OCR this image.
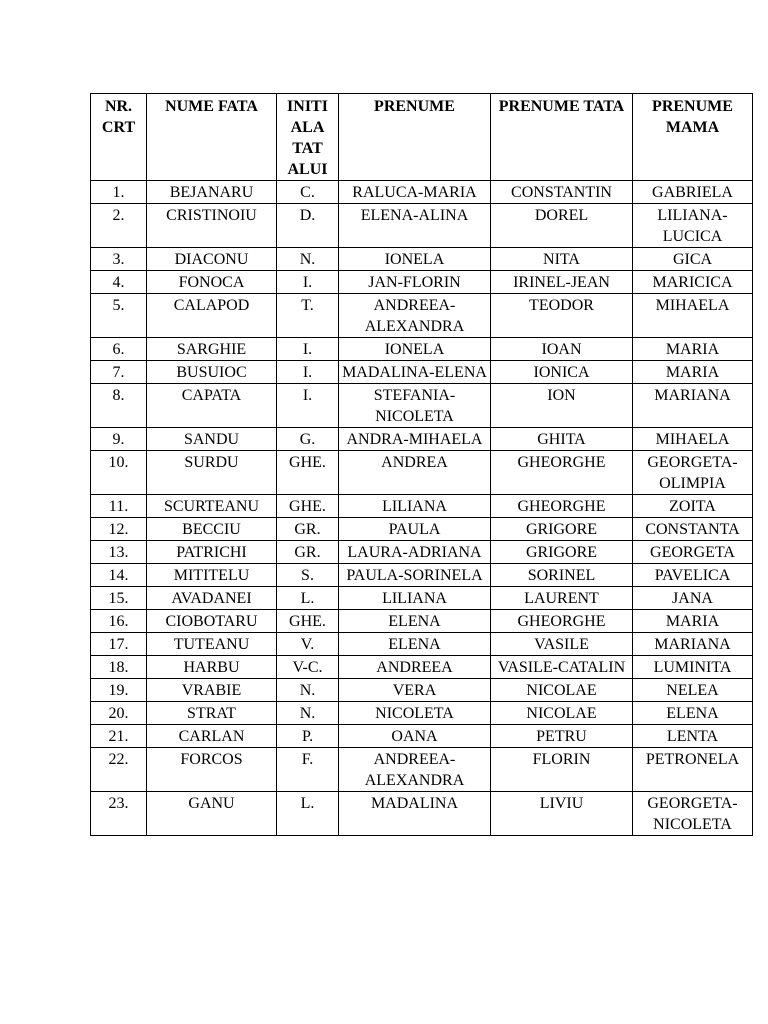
NR. CRT	NUME FATA	INITI ALA TAT ALUI	PRENUME	PRENUME TATA	PRENUME MAMA
1.	BEJANARU	C.	RALUCA-MARIA	CONSTANTIN	GABRIELA
2.	CRISTINOIU	D.	ELENA-ALINA	DOREL	LILIANA-LUCICA
3.	DIACONU	N.	IONELA	NITA	GICA
4.	FONOCA	I.	JAN-FLORIN	IRINEL-JEAN	MARICICA
5.	CALAPOD	T.	ANDREEA-ALEXANDRA	TEODOR	MIHAELA
6.	SARGHIE	I.	IONELA	IOAN	MARIA
7.	BUSUIOC	I.	MADALINA-ELENA	IONICA	MARIA
8.	CAPATA	I.	STEFANIA-NICOLETA	ION	MARIANA
9.	SANDU	G.	ANDRA-MIHAELA	GHITA	MIHAELA
10.	SURDU	GHE.	ANDREA	GHEORGHE	GEORGETA-OLIMPIA
11.	SCURTEANU	GHE.	LILIANA	GHEORGHE	ZOITA
12.	BECCIU	GR.	PAULA	GRIGORE	CONSTANTA
13.	PATRICHI	GR.	LAURA-ADRIANA	GRIGORE	GEORGETA
14.	MITITELU	S.	PAULA-SORINELA	SORINEL	PAVELICA
15.	AVADANEI	L.	LILIANA	LAURENT	JANA
16.	CIOBOTARU	GHE.	ELENA	GHEORGHE	MARIA
17.	TUTEANU	V.	ELENA	VASILE	MARIANA
18.	HARBU	V-C.	ANDREEA	VASILE-CATALIN	LUMINITA
19.	VRABIE	N.	VERA	NICOLAE	NELEA
20.	STRAT	N.	NICOLETA	NICOLAE	ELENA
21.	CARLAN	P.	OANA	PETRU	LENTA
22.	FORCOS	F.	ANDREEA-ALEXANDRA	FLORIN	PETRONELA
23.	GANU	L.	MADALINA	LIVIU	GEORGETA-NICOLETA
